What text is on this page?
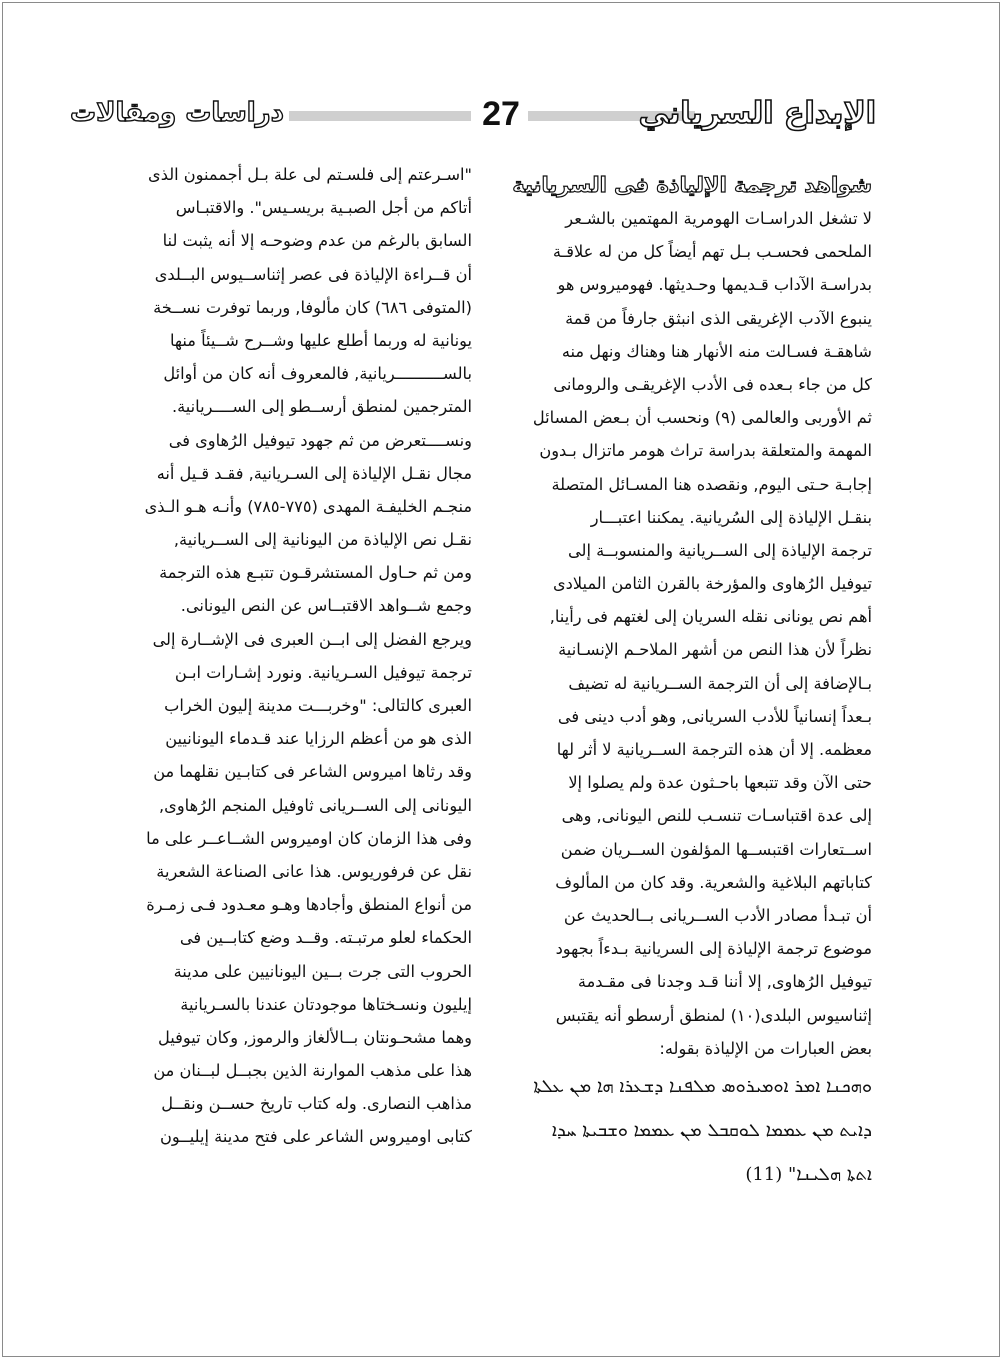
الإبداع السرياني
27
دراسات ومقالات
شواهد ترجمة الإلياذة فى السريانية
لا تشغل الدراسـات الهومرية المهتمين بالشـعر
الملحمى فحسـب بـل تهم أيضاً كل من له علاقـة
بدراسـة الآداب قـديمها وحـديثها. فهوميروس هو
ينبوع الآدب الإغريقى الذى انبثق جارفاً من قمة
شاهقـة فسـالت منه الأنهار هنا وهناك ونهل منه
كل من جاء بـعده فى الأدب الإغريقـى والرومانى
ثم الأوربى والعالمى (٩) ونحسب أن بـعض المسائل
المهمة والمتعلقة بدراسة تراث هومر ماتزال بـدون
إجابـة حـتى اليوم, ونقصده هنا المسـائل المتصلة
بنقـل الإلياذة إلى السُريانية. يمكننا اعتبـــار
ترجمة الإلياذة إلى الســريانية والمنسوبــة إلى
تيوفيل الرُهاوى والمؤرخة بالقرن الثامن الميلادى
أهم نص يونانى نقله السريان إلى لغتهم فى رأينا,
نظراً لأن هذا النص من أشهر الملاحـم الإنسـانية
بـالإضافة إلى أن الترجمة الســريانية له تضيف
بـعداً إنسانياً للأدب السريانى, وهو أدب دينى فى
معظمه. إلا أن هذه الترجمة الســريانية لا أثر لها
حتى الآن وقد تتبعها باحـثون عدة ولم يصلوا إلا
إلى عدة اقتباسـات تنسـب للنص اليونانى, وهى
اســتعارات اقتبســها المؤلفون الســريان ضمن
كتاباتهم البلاغية والشعرية. وقد كان من المألوف
أن تبـدأ مصادر الأدب الســريانى بــالحديث عن
موضوع ترجمة الإلياذة إلى السريانية بـدءاً بجهود
تيوفيل الرُهاوى, إلا أننا قـد وجدنا فى مقـدمة
إثناسيوس البلدى(١٠) لمنطق أرسطو أنه يقتبس
بعض العبارات من الإلياذة بقوله:
ܘܗܟܢܐ ܐܡܪ ܐܘܡܝܪܘܣ ܡܠܦܢܐ ܕܫܥܪܐ ܗܐ ܡܢ ܥܠܬܐ
ܕܐܝܬ ܡܢ ܥܡܡܐ ܠܘܩܒܠ ܡܢ ܥܡܡܐ ܘܫܒܝܬܐ ܚܕܐ
ܐܬܬܐ ܗܠܝܢܐ" (11)
"اسـرعتم إلى فلسـتم لى علة بـل أجممنون الذى
أتاكم من أجل الصبـية بريسـيس". والاقتبـاس
السابق بالرغم من عدم وضوحـه إلا أنه يثبت لنا
أن قــراءة الإلياذة فى عصر إثناســيوس البــلدى
(المتوفى ٦٨٦) كان مألوفا, وربما توفرت نســخة
يونانية له وربما أطلع عليها وشــرح شــيئاً منها
بالســــــــــريانية, فالمعروف أنه كان من أوائل
المترجمين لمنطق أرســطو إلى الســــريانية.
ونســــتعرض من ثم جهود تيوفيل الرُهاوى فى
مجال نقـل الإلياذة إلى السـريانية, فقـد قـيل أنه
منجـم الخليفـة المهدى (٧٧٥-٧٨٥) وأنـه هـو الـذى
نقـل نص الإلياذة من اليونانية إلى الســريانية,
ومن ثم حـاول المستشرقـون تتبـع هذه الترجمة
وجمع شــواهد الاقتبــاس عن النص اليونانى.
ويرجع الفضل إلى ابــن العبرى فى الإشــارة إلى
ترجمة تيوفيل السـريانية. ونورد إشـارات ابـن
العبرى كالتالى: "وخربـــت مدينة إليون الخراب
الذى هو من أعظم الرزايا عند قـدماء اليونانيين
وقد رثاها اميروس الشاعر فى كتابـين نقلهما من
اليونانى إلى الســريانى ثاوفيل المنجم الرُهاوى,
وفى هذا الزمان كان اوميروس الشــاعــر على ما
نقل عن فرفوريوس. هذا عانى الصناعة الشعرية
من أنواع المنطق وأجادها وهـو معـدود فـى زمـرة
الحكماء لعلو مرتبـته. وقــد وضع كتابــين فى
الحروب التى جرت بــين اليونانيين على مدينة
إيليون ونسـختاها موجودتان عندنا بالسـريانية
وهما مشحـونتان بــالألغاز والرموز, وكان تيوفيل
هذا على مذهب الموارنة الذين بجبــل لبــنان من
مذاهب النصارى. وله كتاب تاريخ حســن ونقــل
كتابى اوميروس الشاعر على فتح مدينة إيليــون
